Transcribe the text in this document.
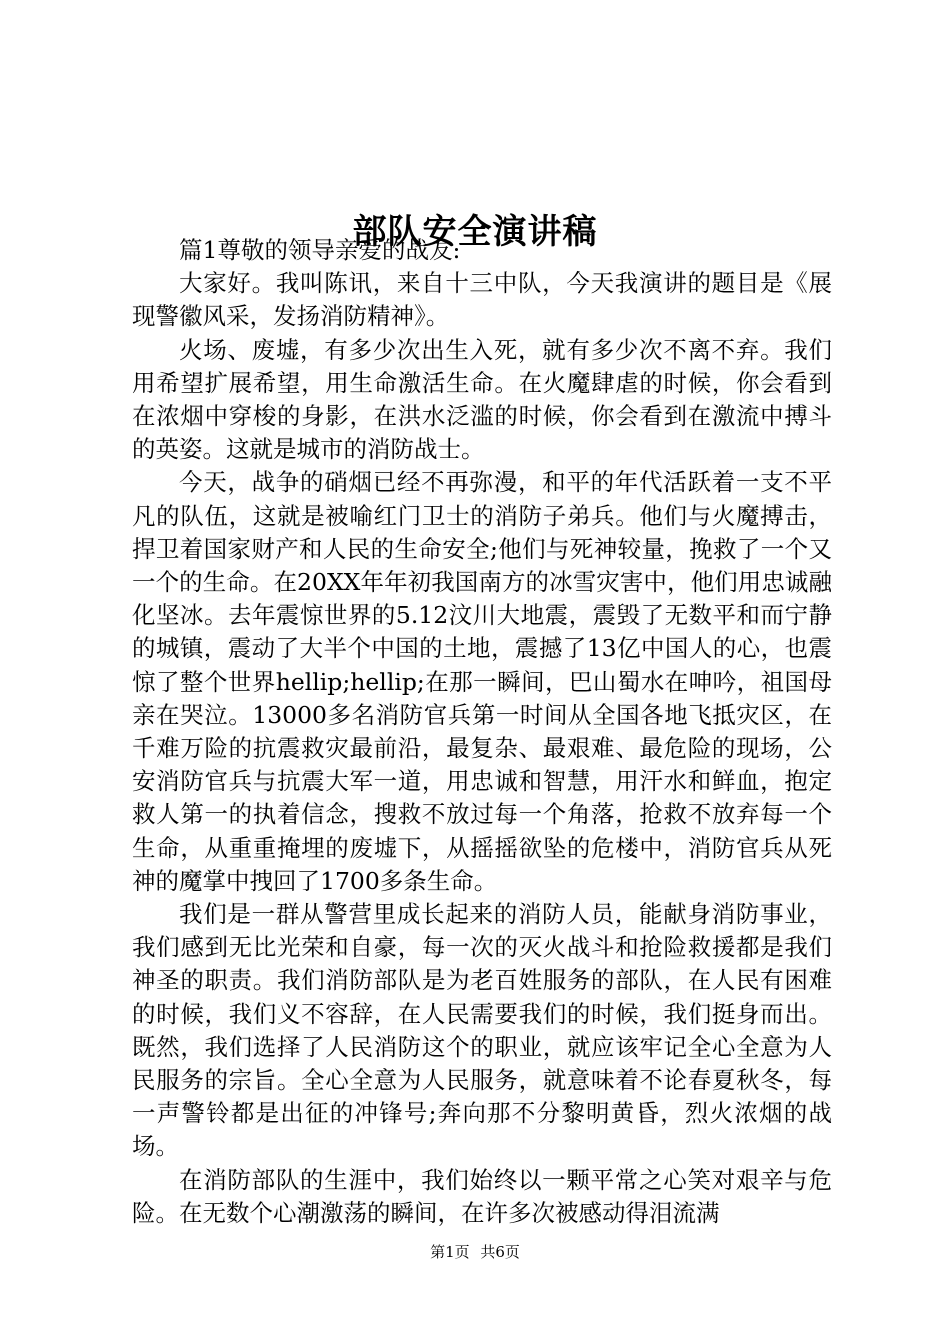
部队安全演讲稿

篇1尊敬的领导亲爱的战友:

大家好。我叫陈讯，来自十三中队，今天我演讲的题目是《展现警徽风采，发扬消防精神》。

火场、废墟，有多少次出生入死，就有多少次不离不弃。我们用希望扩展希望，用生命激活生命。在火魔肆虐的时候，你会看到在浓烟中穿梭的身影，在洪水泛滥的时候，你会看到在激流中搏斗的英姿。这就是城市的消防战士。

今天，战争的硝烟已经不再弥漫，和平的年代活跃着一支不平凡的队伍，这就是被喻红门卫士的消防子弟兵。他们与火魔搏击，捍卫着国家财产和人民的生命安全;他们与死神较量，挽救了一个又一个的生命。在20XX年年初我国南方的冰雪灾害中，他们用忠诚融化坚冰。去年震惊世界的5.12汶川大地震，震毁了无数平和而宁静的城镇，震动了大半个中国的土地，震撼了13亿中国人的心，也震惊了整个世界hellip;hellip;在那一瞬间，巴山蜀水在呻吟，祖国母亲在哭泣。13000多名消防官兵第一时间从全国各地飞抵灾区，在千难万险的抗震救灾最前沿，最复杂、最艰难、最危险的现场，公安消防官兵与抗震大军一道，用忠诚和智慧，用汗水和鲜血，抱定救人第一的执着信念，搜救不放过每一个角落，抢救不放弃每一个生命，从重重掩埋的废墟下，从摇摇欲坠的危楼中，消防官兵从死神的魔掌中拽回了1700多条生命。

我们是一群从警营里成长起来的消防人员，能献身消防事业，我们感到无比光荣和自豪，每一次的灭火战斗和抢险救援都是我们神圣的职责。我们消防部队是为老百姓服务的部队，在人民有困难的时候，我们义不容辞，在人民需要我们的时候，我们挺身而出。既然，我们选择了人民消防这个的职业，就应该牢记全心全意为人民服务的宗旨。全心全意为人民服务，就意味着不论春夏秋冬，每一声警铃都是出征的冲锋号;奔向那不分黎明黄昏，烈火浓烟的战场。

在消防部队的生涯中，我们始终以一颗平常之心笑对艰辛与危险。在无数个心潮激荡的瞬间，在许多次被感动得泪流满

第1页 共6页
